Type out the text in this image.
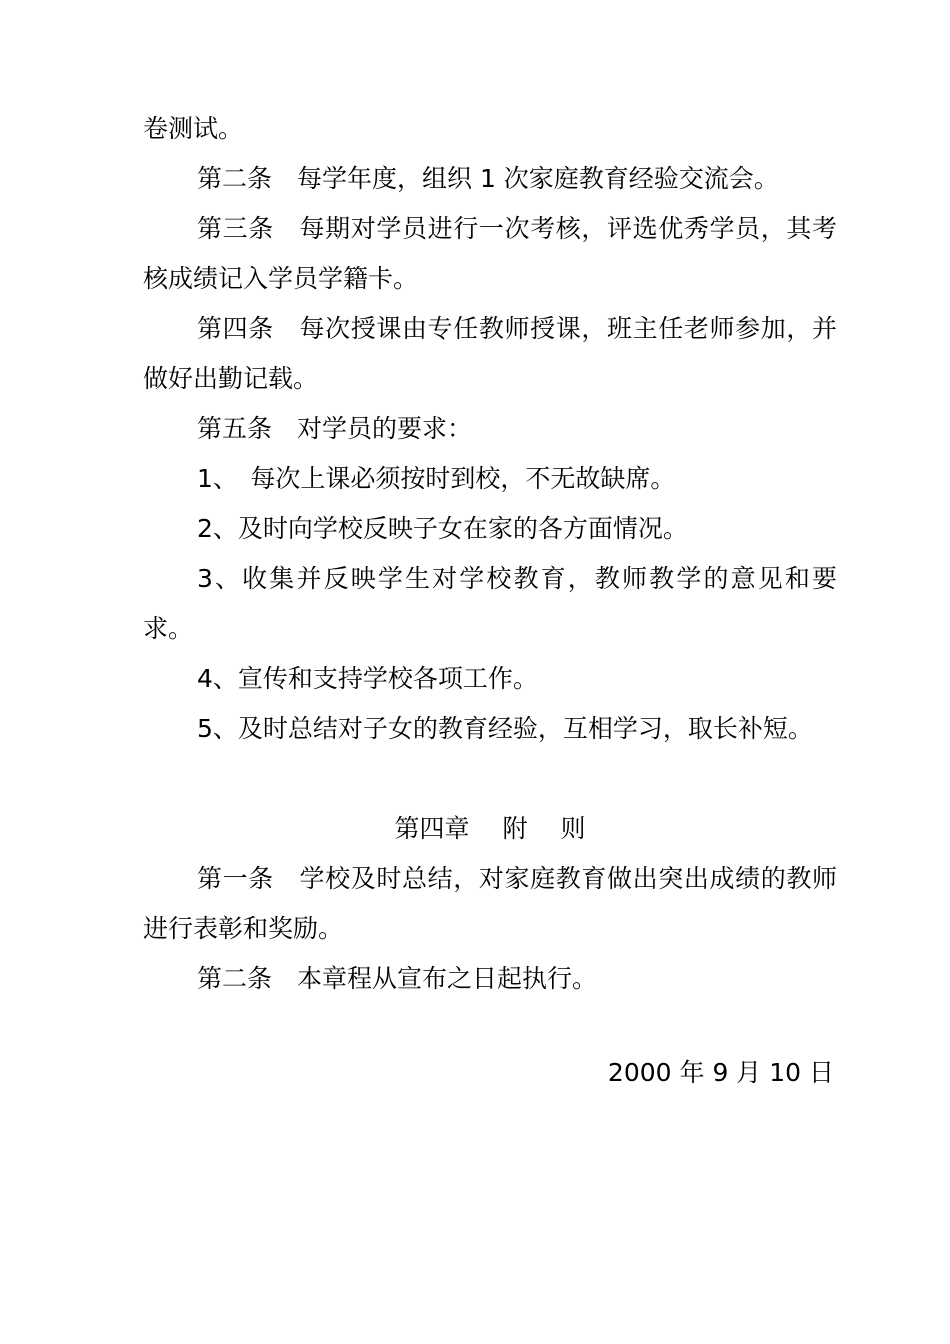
卷测试。

第二条　每学年度，组织 1 次家庭教育经验交流会。

第三条　每期对学员进行一次考核，评选优秀学员，其考核成绩记入学员学籍卡。

第四条　每次授课由专任教师授课，班主任老师参加，并做好出勤记载。

第五条　对学员的要求：

1、　每次上课必须按时到校，不无故缺席。

2、及时向学校反映子女在家的各方面情况。

3、收集并反映学生对学校教育，教师教学的意见和要求。

4、宣传和支持学校各项工作。

5、及时总结对子女的教育经验，互相学习，取长补短。

第四章　 附　 则

第一条　学校及时总结，对家庭教育做出突出成绩的教师进行表彰和奖励。

第二条　本章程从宣布之日起执行。

2000 年 9 月 10 日
